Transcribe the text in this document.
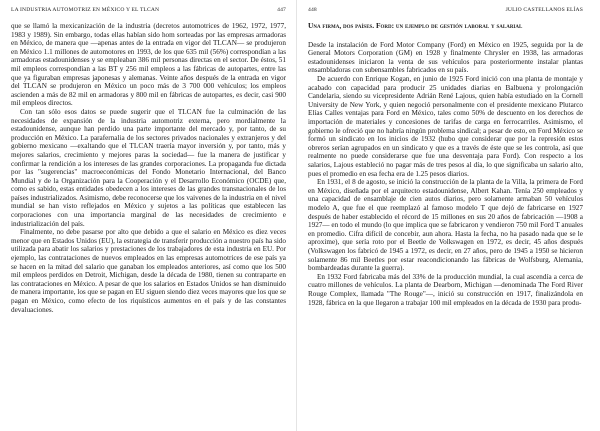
LA INDUSTRIA AUTOMOTRIZ EN MÉXICO Y EL TLCAN	447

que se llamó la mexicanización de la industria (decretos automotrices de 1962, 1972, 1977, 1983 y 1989). Sin embargo, todas ellas habían sido hom sorteadas por las empresas armadoras en México, de manera que —apenas antes de la entrada en vigor del TLCAN— se produjeron en México 1.1 millones de automotores en 1993, de los que 635 mil (56%) correspondían a las armadoras estadounidenses y se empleaban 386 mil personas directas en el sector. De éstos, 51 mil empleos correspondían a las BT y 256 mil empleos a las fábricas de autopartes, entre las que ya figuraban empresas japonesas y alemanas. Veinte años después de la entrada en vigor del TLCAN se produjeron en México un poco más de 3 700 000 vehículos; los empleos ascienden a más de 82 mil en armadoras y 800 mil en fábricas de autopartes, es decir, casi 900 mil empleos directos.

Con tan sólo esos datos se puede sugerir que el TLCAN fue la culminación de las necesidades de expansión de la industria automotriz externa, pero mordialmente la estadounidense, aunque han perdido una parte importante del mercado y, por tanto, de su producción en México. La parafernalia de los sectores privados nacionales y extranjeros y del gobierno mexicano —exaltando que el TLCAN traería mayor inversión y, por tanto, más y mejores salarios, crecimiento y mejores paras la sociedad— fue la manera de justificar y confirmar la rendición a los intereses de las grandes corporaciones. La propaganda fue dictada por las "sugerencias" macroeconómicas del Fondo Monetario Internacional, del Banco Mundial y de la Organización para la Cooperación y el Desarrollo Económico (OCDE) que, como es sabido, estas entidades obedecen a los intereses de las grandes transnacionales de los países industrializados. Asimismo, debe reconocerse que los vaivenes de la industria en el nivel mundial se han visto reflejados en México y sujetos a las políticas que establecen las corporaciones con una importancia marginal de las necesidades de crecimiento e industrialización del país.

Finalmente, no debe pasarse por alto que debido a que el salario en México es diez veces menor que en Estados Unidos (EU), la estrategia de transferir producción a nuestro país ha sido utilizada para abatir los salarios y prestaciones de los trabajadores de esta industria en EU. Por ejemplo, las contrataciones de nuevos empleados en las empresas automotrices de ese país ya se hacen en la mitad del salario que ganaban los empleados anteriores, así como que los 500 mil empleos perdidos en Detroit, Michigan, desde la década de 1980, tienen su contraparte en las contrataciones en México. A pesar de que los salarios en Estados Unidos se han disminuido de manera importante, los que se pagan en EU siguen siendo diez veces mayores que los que se pagan en México, como efecto de los riquísticos aumentos en el país y de las constantes devaluaciones.

448	JULIO CASTELLANOS ELÍAS
Una firma, dos países. Ford: un ejemplo de gestión laboral y salarial

Desde la instalación de Ford Motor Company (Ford) en México en 1925, seguida por la de General Motors Corporation (GM) en 1928 y finalmente Chrysler en 1938, las armadoras estadounidenses iniciaron la venta de sus vehículos para posteriormente instalar plantas ensambladoras con subensambles fabricados en su país.

De acuerdo con Enrique Kogan, en junio de 1925 Ford inició con una planta de montaje y acabado con capacidad para producir 25 unidades diarias en Balbuena y prolongación Candelaria, siendo su vicepresidente Adrián René Lajous, quien había estudiado en la Cornell University de New York, y quien negoció personalmente con el presidente mexicano Plutarco Elías Calles ventajas para Ford en México, tales como 50% de descuento en los derechos de importación de materiales y concesiones de tarifas de carga en ferrocarriles. Asimismo, el gobierno le ofreció que no habría ningún problema sindical; a pesar de esto, en Ford México se formó un sindicato en los inicios de 1932 (hubo que considerar que por la represión estos obreros serían agrupados en un sindicato y que es a través de éste que se les controla, así que realmente no puede considerarse que fue una desventaja para Ford). Con respecto a los salarios, Lajous estableció no pagar más de tres pesos al día, lo que significaba un salario alto, pues el promedio en esa fecha era de 1.25 pesos diarios.

En 1931, el 8 de agosto, se inició la construcción de la planta de la Villa, la primera de Ford en México, diseñada por el arquitecto estadounidense, Albert Kahan. Tenía 250 empleados y una capacidad de ensamblaje de cien autos diarios, pero solamente armaban 50 vehículos modelo A, que fue el que reemplazó al famoso modelo T que dejó de fabricarse en 1927 después de haber establecido el récord de 15 millones en sus 20 años de fabricación —1908 a 1927— en todo el mundo (lo que implica que se fabricaron y vendieron 750 mil Ford T anuales en promedio. Cifra difícil de concebir, aun ahora. Hasta la fecha, no ha pasado nada que se le aproxime), que sería roto por el Beetle de Volkswagen en 1972, es decir, 45 años después (Volkswagen los fabricó de 1945 a 1972, es decir, en 27 años, pero de 1945 a 1950 se hicieron solamente 86 mil Beetles por estar reacondicionando las fábricas de Wolfsburg, Alemania, bombardeadas durante la guerra).

En 1932 Ford fabricaba más del 33% de la producción mundial, la cual ascendía a cerca de cuatro millones de vehículos. La planta de Dearborn, Michigan —denominada The Ford River Rouge Complex, llamada "The Rouge"—, inició su construcción en 1917, finalizándola en 1928, fábrica en la que llegaron a trabajar 100 mil empleados en la década de 1930 para produ-
